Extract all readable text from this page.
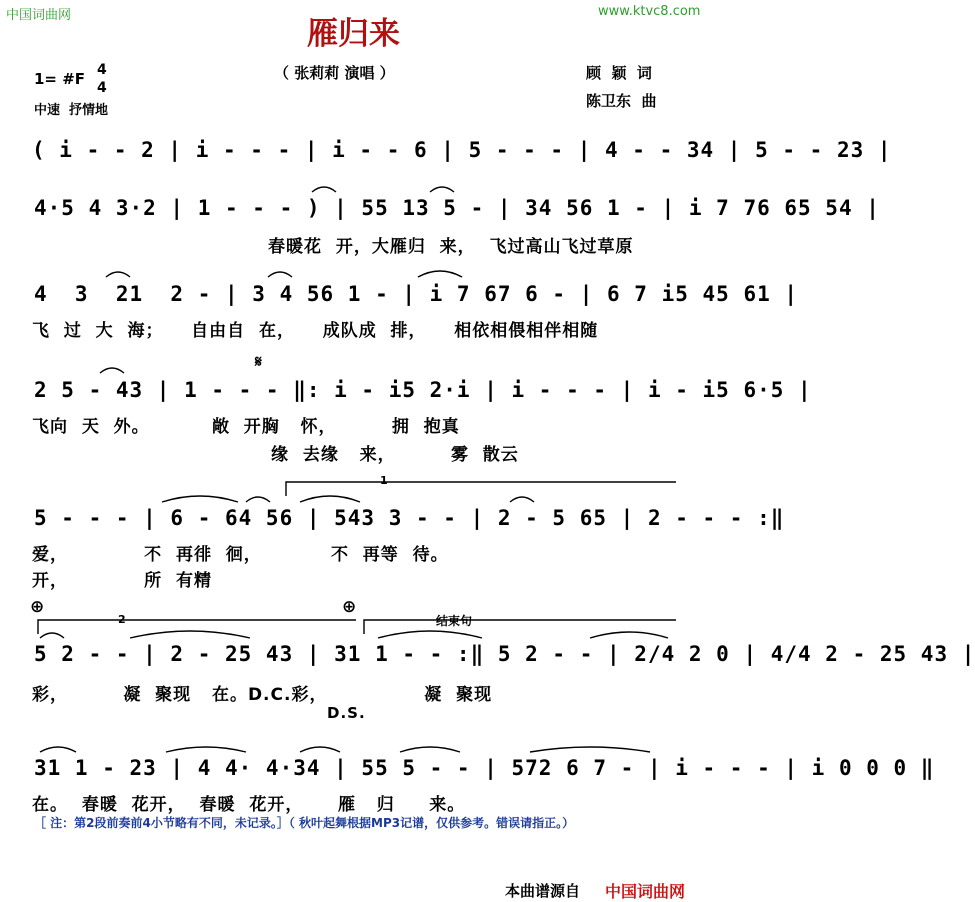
中国词曲网	www.ktvc8.com
雁归来
1= #F 4
4
（ 张莉莉 演唱 ）	顾  颖  词
陈卫东  曲
中速  抒情地
( i - - 2 | i - - - | i - - 6 | 5 - - - | 4 - - 34 | 5 - - 23 |
4·5 4 3·2 | 1 - - - ) | 55 13 5 - | 34 56 1 - | i 7 76 65 54 |
春暖花  开，大雁归  来，  飞过高山飞过草原
4  3  21  2 - | 3 4 56 1 - | i 7 67 6 - | 6 7 i5 45 61 |
飞  过  大  海；    自由自  在，    成队成  排，    相依相偎相伴相随
𝄋
2 5 - 43 | 1 - - - ‖: i - i5 2·i | i - - - | i - i5 6·5 |
飞向  天  外。         敞  开胸   怀，        拥  抱真
缘  去缘   来，        雾  散云
1
5 - - - | 6 - 64 56 | 543 3 - - | 2 - 5 65 | 2 - - - :‖
爱，           不  再徘  徊，          不  再等  待。
开，           所  有精
⊕	⊕
2	结束句
5 2 - - | 2 - 25 43 | 31 1 - - :‖ 5 2 - - | 2/4 2 0 | 4/4 2 - 25 43 |
彩，        凝  聚现   在。D.C.彩，              凝  聚现
D.S.
31 1 - 23 | 4 4· 4·34 | 55 5 - - | 572 6 7 - | i - - - | i 0 0 0 ‖
在。  春暖  花开，  春暖  花开，     雁   归     来。
［ 注：第2段前奏前4小节略有不同，未记录。］（ 秋叶起舞根据MP3记谱，仅供参考。错误请指正。）
本曲谱源自 中国词曲网
